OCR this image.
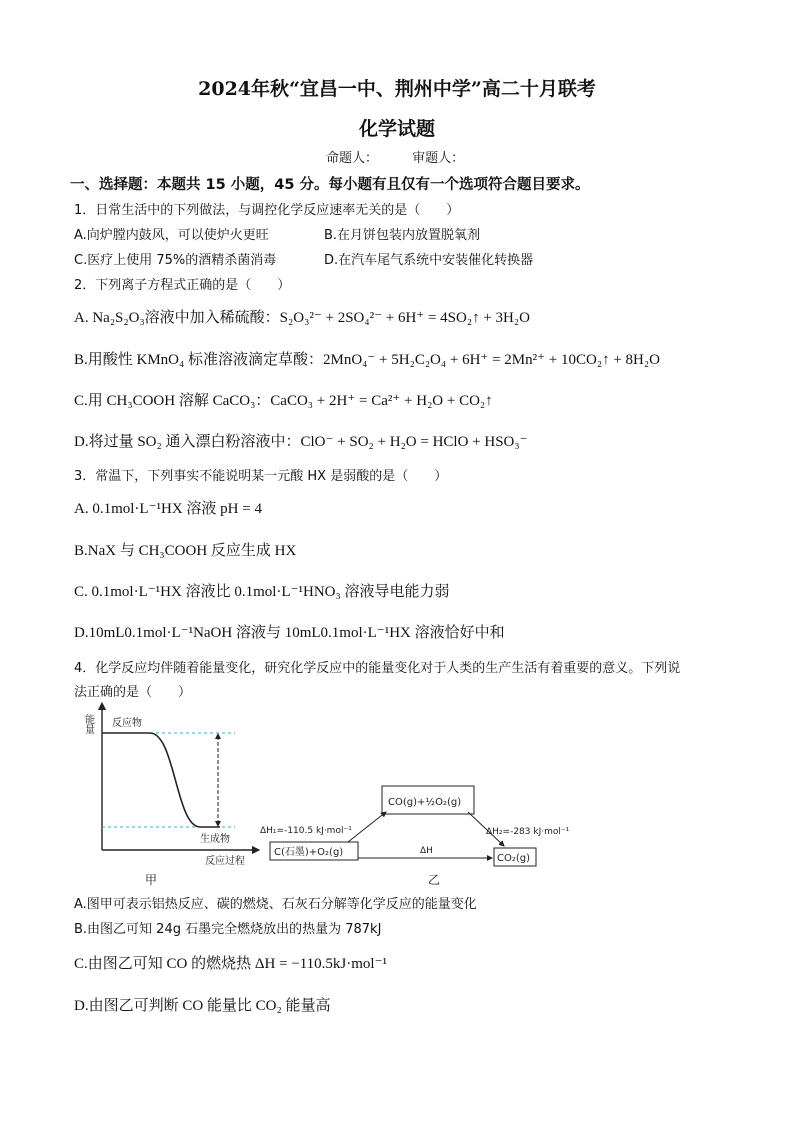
2024年秋“宜昌一中、荆州中学”高二十月联考
化学试题
命题人：	审题人：
一、选择题：本题共 15 小题，45 分。每小题有且仅有一个选项符合题目要求。
1．日常生活中的下列做法，与调控化学反应速率无关的是（　　）
A.向炉膛内鼓风，可以使炉火更旺	B.在月饼包装内放置脱氧剂
C.医疗上使用 75%的酒精杀菌消毒	D.在汽车尾气系统中安装催化转换器
2．下列离子方程式正确的是（　　）
A. Na₂S₂O₃溶液中加入稀硫酸：S₂O₃²⁻ + 2SO₄²⁻ + 6H⁺ = 4SO₂↑ + 3H₂O
B.用酸性 KMnO₄ 标准溶液滴定草酸：2MnO₄⁻ + 5H₂C₂O₄ + 6H⁺ = 2Mn²⁺ + 10CO₂↑ + 8H₂O
C.用 CH₃COOH 溶解 CaCO₃：CaCO₃ + 2H⁺ = Ca²⁺ + H₂O + CO₂↑
D.将过量 SO₂ 通入漂白粉溶液中：ClO⁻ + SO₂ + H₂O = HClO + HSO₃⁻
3．常温下，下列事实不能说明某一元酸 HX 是弱酸的是（　　）
A. 0.1mol·L⁻¹HX 溶液 pH = 4
B.NaX 与 CH₃COOH 反应生成 HX
C. 0.1mol·L⁻¹HX 溶液比 0.1mol·L⁻¹HNO₃ 溶液导电能力弱
D.10mL0.1mol·L⁻¹NaOH 溶液与 10mL0.1mol·L⁻¹HX 溶液恰好中和
4．化学反应均伴随着能量变化，研究化学反应中的能量变化对于人类的生产生活有着重要的意义。下列说
法正确的是（　　）
能量 反应物
生成物
反应过程
甲
CO(g)+½O₂(g)
C(石墨)+O₂(g)
CO₂(g)
ΔH₁=-110.5 kJ·mol⁻¹	ΔH₂=-283 kJ·mol⁻¹
ΔH
乙
A.图甲可表示铝热反应、碳的燃烧、石灰石分解等化学反应的能量变化
B.由图乙可知 24g 石墨完全燃烧放出的热量为 787kJ
C.由图乙可知 CO 的燃烧热 ΔH = −110.5kJ·mol⁻¹
D.由图乙可判断 CO 能量比 CO₂ 能量高
